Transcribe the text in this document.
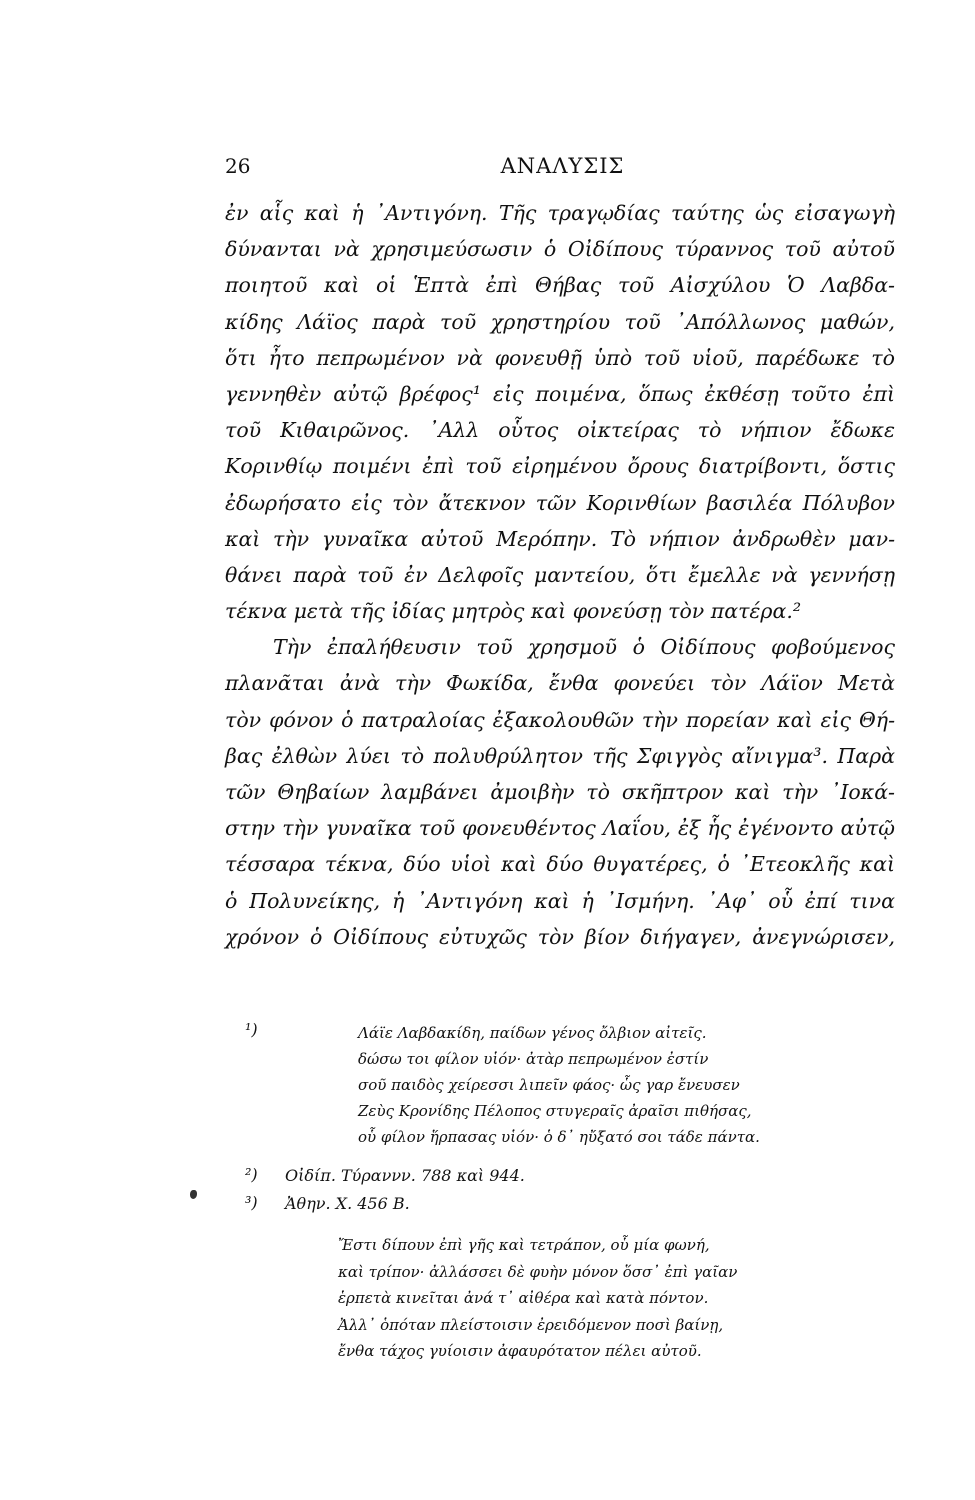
26	ΑΝΑΛΥΣΙΣ
ἐν αἷς καὶ ἡ ᾿Αντιγόνη. Τῆς τραγῳδίας ταύτης ὡς εἰσαγωγὴ
δύνανται νὰ χρησιμεύσωσιν ὁ Οἰδίπους τύραννος τοῦ αὐτοῦ
ποιητοῦ καὶ οἱ Ἑπτὰ ἐπὶ Θήβας τοῦ Αἰσχύλου Ὁ Λαβδα-
κίδης Λάϊος παρὰ τοῦ χρηστηρίου τοῦ ᾿Απόλλωνος μαθών,
ὅτι ἦτο πεπρωμένον νὰ φονευθῇ ὑπὸ τοῦ υἱοῦ, παρέδωκε τὸ
γεννηθὲν αὐτῷ βρέφος¹ εἰς ποιμένα, ὅπως ἐκθέσῃ τοῦτο ἐπὶ
τοῦ Κιθαιρῶνος. ᾿Αλλ οὗτος οἰκτείρας τὸ νήπιον ἔδωκε
Κορινθίῳ ποιμένι ἐπὶ τοῦ εἰρημένου ὄρους διατρίβοντι, ὅστις
ἐδωρήσατο εἰς τὸν ἄτεκνον τῶν Κορινθίων βασιλέα Πόλυβον
καὶ τὴν γυναῖκα αὐτοῦ Μερόπην. Τὸ νήπιον ἀνδρωθὲν μαν-
θάνει παρὰ τοῦ ἐν Δελφοῖς μαντείου, ὅτι ἔμελλε νὰ γεννήσῃ
τέκνα μετὰ τῆς ἰδίας μητρὸς καὶ φονεύσῃ τὸν πατέρα.²
Τὴν ἐπαλήθευσιν τοῦ χρησμοῦ ὁ Οἰδίπους φοβούμενος
πλανᾶται ἀνὰ τὴν Φωκίδα, ἔνθα φονεύει τὸν Λάϊον Μετὰ
τὸν φόνον ὁ πατραλοίας ἐξακολουθῶν τὴν πορείαν καὶ εἰς Θή-
βας ἐλθὼν λύει τὸ πολυθρύλητον τῆς Σφιγγὸς αἴνιγμα³. Παρὰ
τῶν Θηβαίων λαμβάνει ἀμοιβὴν τὸ σκῆπτρον καὶ τὴν ᾿Ιοκά-
στην τὴν γυναῖκα τοῦ φονευθέντος Λαΐου, ἐξ ἧς ἐγένοντο αὐτῷ
τέσσαρα τέκνα, δύο υἱοὶ καὶ δύο θυγατέρες, ὁ ᾿Ετεοκλῆς καὶ
ὁ Πολυνείκης, ἡ ᾿Αντιγόνη καὶ ἡ ᾿Ισμήνη. ᾿Αφ᾿ οὗ ἐπί τινα
χρόνον ὁ Οἰδίπους εὐτυχῶς τὸν βίον διήγαγεν, ἀνεγνώρισεν,
¹)	Λάϊε Λαβδακίδη, παίδων γένος ὄλβιον αἰτεῖς.
δώσω τοι φίλον υἱόν· ἀτὰρ πεπρωμένον ἐστίν
σοῦ παιδὸς χείρεσσι λιπεῖν φάος· ὧς γαρ ἔνευσεν
Ζεὺς Κρονίδης Πέλοπος στυγεραῖς ἀραῖσι πιθήσας,
οὗ φίλον ἥρπασας υἱόν· ὁ δ᾿ ηὔξατό σοι τάδε πάντα.
²)	Οἰδίπ. Τύραννν. 788 καὶ 944.
³)	Ἀθην. X. 456 B.
Ἔστι δίπουν ἐπὶ γῆς καὶ τετράπον, οὗ μία φωνή,
καὶ τρίπον· ἀλλάσσει δὲ φυὴν μόνον ὅσσ᾿ ἐπὶ γαῖαν
ἑρπετὰ κινεῖται ἀνά τ᾿ αἰθέρα καὶ κατὰ πόντον.
Ἀλλ᾿ ὁπόταν πλείστοισιν ἐρειδόμενον ποσὶ βαίνῃ,
ἔνθα τάχος γυίοισιν ἀφαυρότατον πέλει αὐτοῦ.
